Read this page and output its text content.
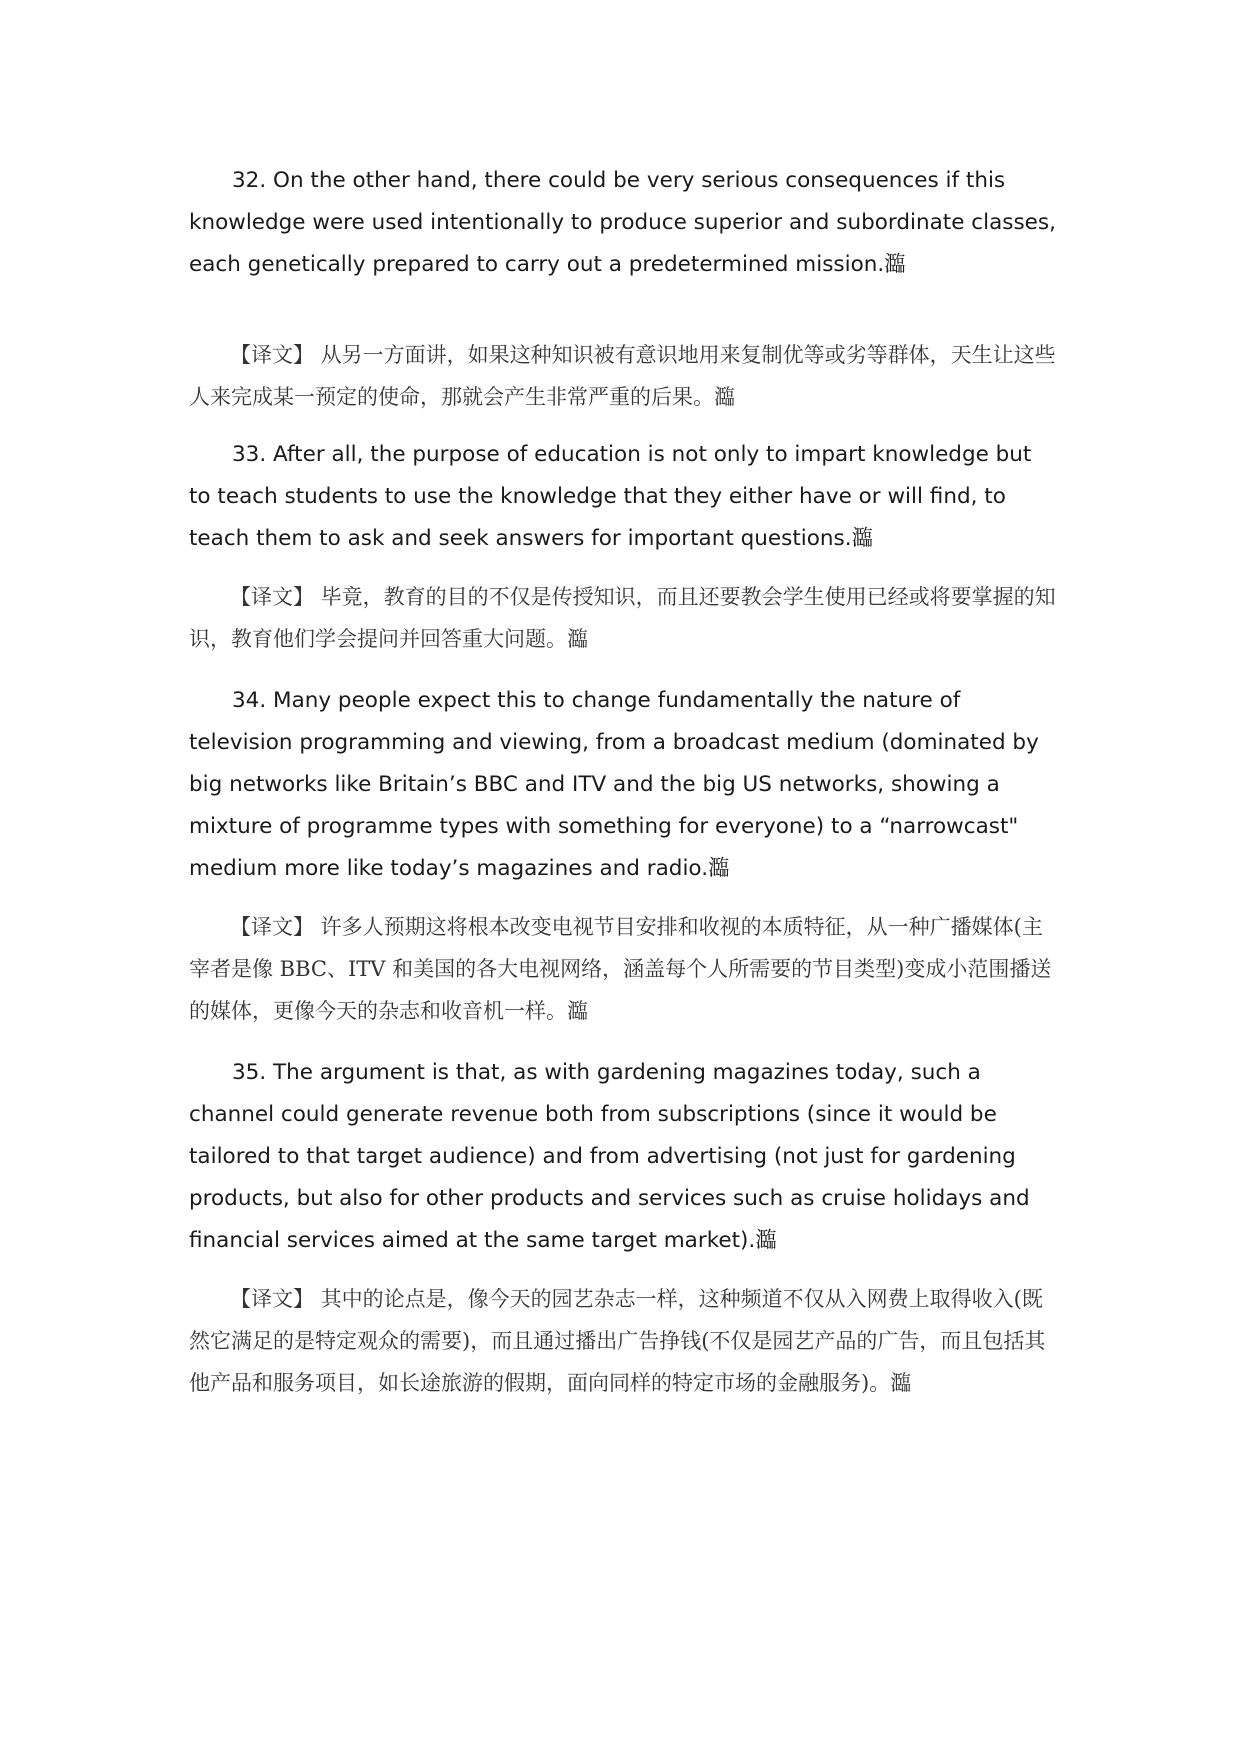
32. On the other hand, there could be very serious consequences if this knowledge were used intentionally to produce superior and subordinate classes, each genetically prepared to carry out a predetermined mission.瀶

【译文】 从另一方面讲，如果这种知识被有意识地用来复制优等或劣等群体，天生让这些人来完成某一预定的使命，那就会产生非常严重的后果。瀶

33. After all, the purpose of education is not only to impart knowledge but to teach students to use the knowledge that they either have or will find, to teach them to ask and seek answers for important questions.瀶

【译文】 毕竟，教育的目的不仅是传授知识，而且还要教会学生使用已经或将要掌握的知识，教育他们学会提问并回答重大问题。瀶

34. Many people expect this to change fundamentally the nature of television programming and viewing, from a broadcast medium (dominated by big networks like Britain’s BBC and ITV and the big US networks, showing a mixture of programme types with something for everyone) to a “narrowcast" medium more like today’s magazines and radio.瀶

【译文】 许多人预期这将根本改变电视节目安排和收视的本质特征，从一种广播媒体(主宰者是像 BBC、ITV 和美国的各大电视网络，涵盖每个人所需要的节目类型)变成小范围播送的媒体，更像今天的杂志和收音机一样。瀶

35. The argument is that, as with gardening magazines today, such a channel could generate revenue both from subscriptions (since it would be tailored to that target audience) and from advertising (not just for gardening products, but also for other products and services such as cruise holidays and financial services aimed at the same target market).瀶

【译文】 其中的论点是，像今天的园艺杂志一样，这种频道不仅从入网费上取得收入(既然它满足的是特定观众的需要)，而且通过播出广告挣钱(不仅是园艺产品的广告，而且包括其他产品和服务项目，如长途旅游的假期，面向同样的特定市场的金融服务)。瀶
